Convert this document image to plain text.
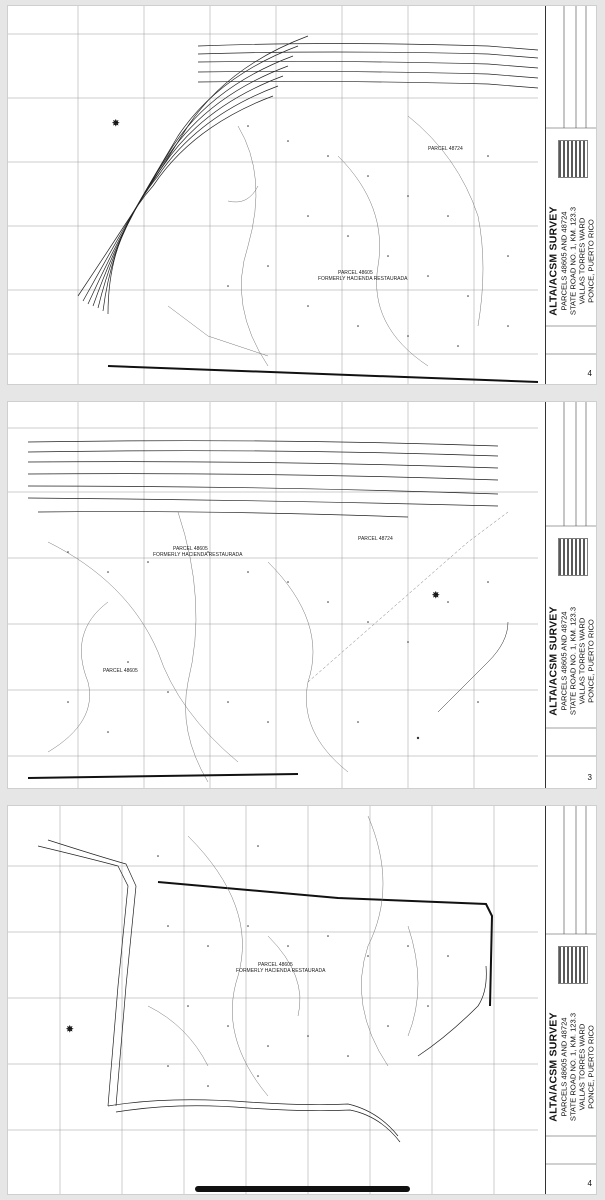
PARCEL 48724
PARCEL 48605
FORMERLY HACIENDA RESTAURADA
✵
ALTA/ACSM SURVEY PARCELS 48605 AND 48724 STATE ROAD NO. 1, KM. 123.3 VALLAS TORRES WARD PONCE, PUERTO RICO
4
PARCEL 48724
PARCEL 48605
FORMERLY HACIENDA RESTAURADA
PARCEL 48605
✵
ALTA/ACSM SURVEY PARCELS 48605 AND 48724 STATE ROAD NO. 1, KM. 123.3 VALLAS TORRES WARD PONCE, PUERTO RICO
3
PARCEL 48605
FORMERLY HACIENDA RESTAURADA
✵	ALTA/ACSM SURVEY PARCELS 48605 AND 48724 STATE ROAD NO. 1, KM. 123.3 VALLAS TORRES WARD PONCE, PUERTO RICO
4
